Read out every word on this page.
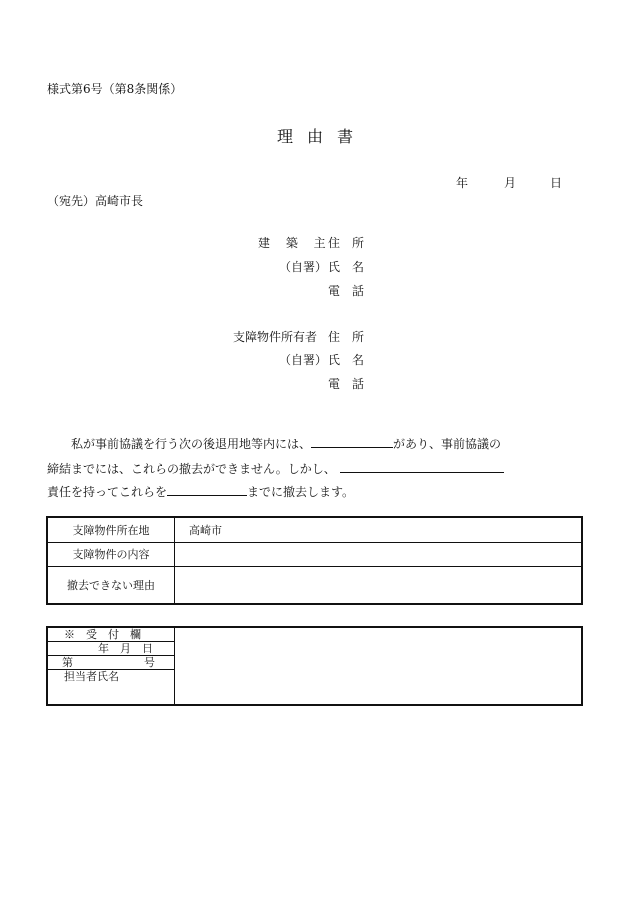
様式第6号（第8条関係）
理由書
年	月	日
（宛先）高崎市長
建 築 主
住　所
（自署） 氏　名
電　話
支障物件所有者 住　所
（自署） 氏　名
電　話
私が事前協議を行う次の後退用地等内には、	があり、事前協議の
締結までには、これらの撤去ができません。しかし、
責任を持ってこれらを	までに撤去します。
支障物件所在地	高崎市
支障物件の内容	
撤去できない理由	
※　受　付　欄
年　月　日
第	号
担当者氏名
